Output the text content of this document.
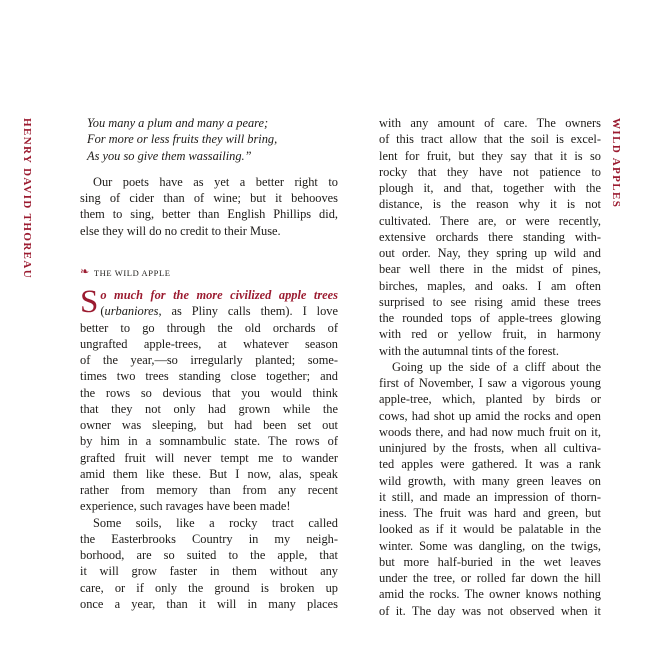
HENRY DAVID THOREAU	WILD APPLES
You many a plum and many a peare;
For more or less fruits they will bring,
As you so give them wassailing.”
Our poets have as yet a better right to
sing of cider than of wine; but it behooves
them to sing, better than English Phillips did,
else they will do no credit to their Muse.
❧ THE WILD APPLE
S o much for the more civilized apple trees
(urbaniores, as Pliny calls them). I love
better to go through the old orchards of
ungrafted apple-trees, at whatever season
of the year,—so irregularly planted; some-
times two trees standing close together; and
the rows so devious that you would think
that they not only had grown while the
owner was sleeping, but had been set out
by him in a somnambulic state. The rows of
grafted fruit will never tempt me to wander
amid them like these. But I now, alas, speak
rather from memory than from any recent
experience, such ravages have been made!
Some soils, like a rocky tract called
the Easterbrooks Country in my neigh-
borhood, are so suited to the apple, that
it will grow faster in them without any
care, or if only the ground is broken up
once a year, than it will in many places
with any amount of care. The owners
of this tract allow that the soil is excel-
lent for fruit, but they say that it is so
rocky that they have not patience to
plough it, and that, together with the
distance, is the reason why it is not
cultivated. There are, or were recently,
extensive orchards there standing with-
out order. Nay, they spring up wild and
bear well there in the midst of pines,
birches, maples, and oaks. I am often
surprised to see rising amid these trees
the rounded tops of apple-trees glowing
with red or yellow fruit, in harmony
with the autumnal tints of the forest.
Going up the side of a cliff about the
first of November, I saw a vigorous young
apple-tree, which, planted by birds or
cows, had shot up amid the rocks and open
woods there, and had now much fruit on it,
uninjured by the frosts, when all cultiva-
ted apples were gathered. It was a rank
wild growth, with many green leaves on
it still, and made an impression of thorn-
iness. The fruit was hard and green, but
looked as if it would be palatable in the
winter. Some was dangling, on the twigs,
but more half-buried in the wet leaves
under the tree, or rolled far down the hill
amid the rocks. The owner knows nothing
of it. The day was not observed when it
